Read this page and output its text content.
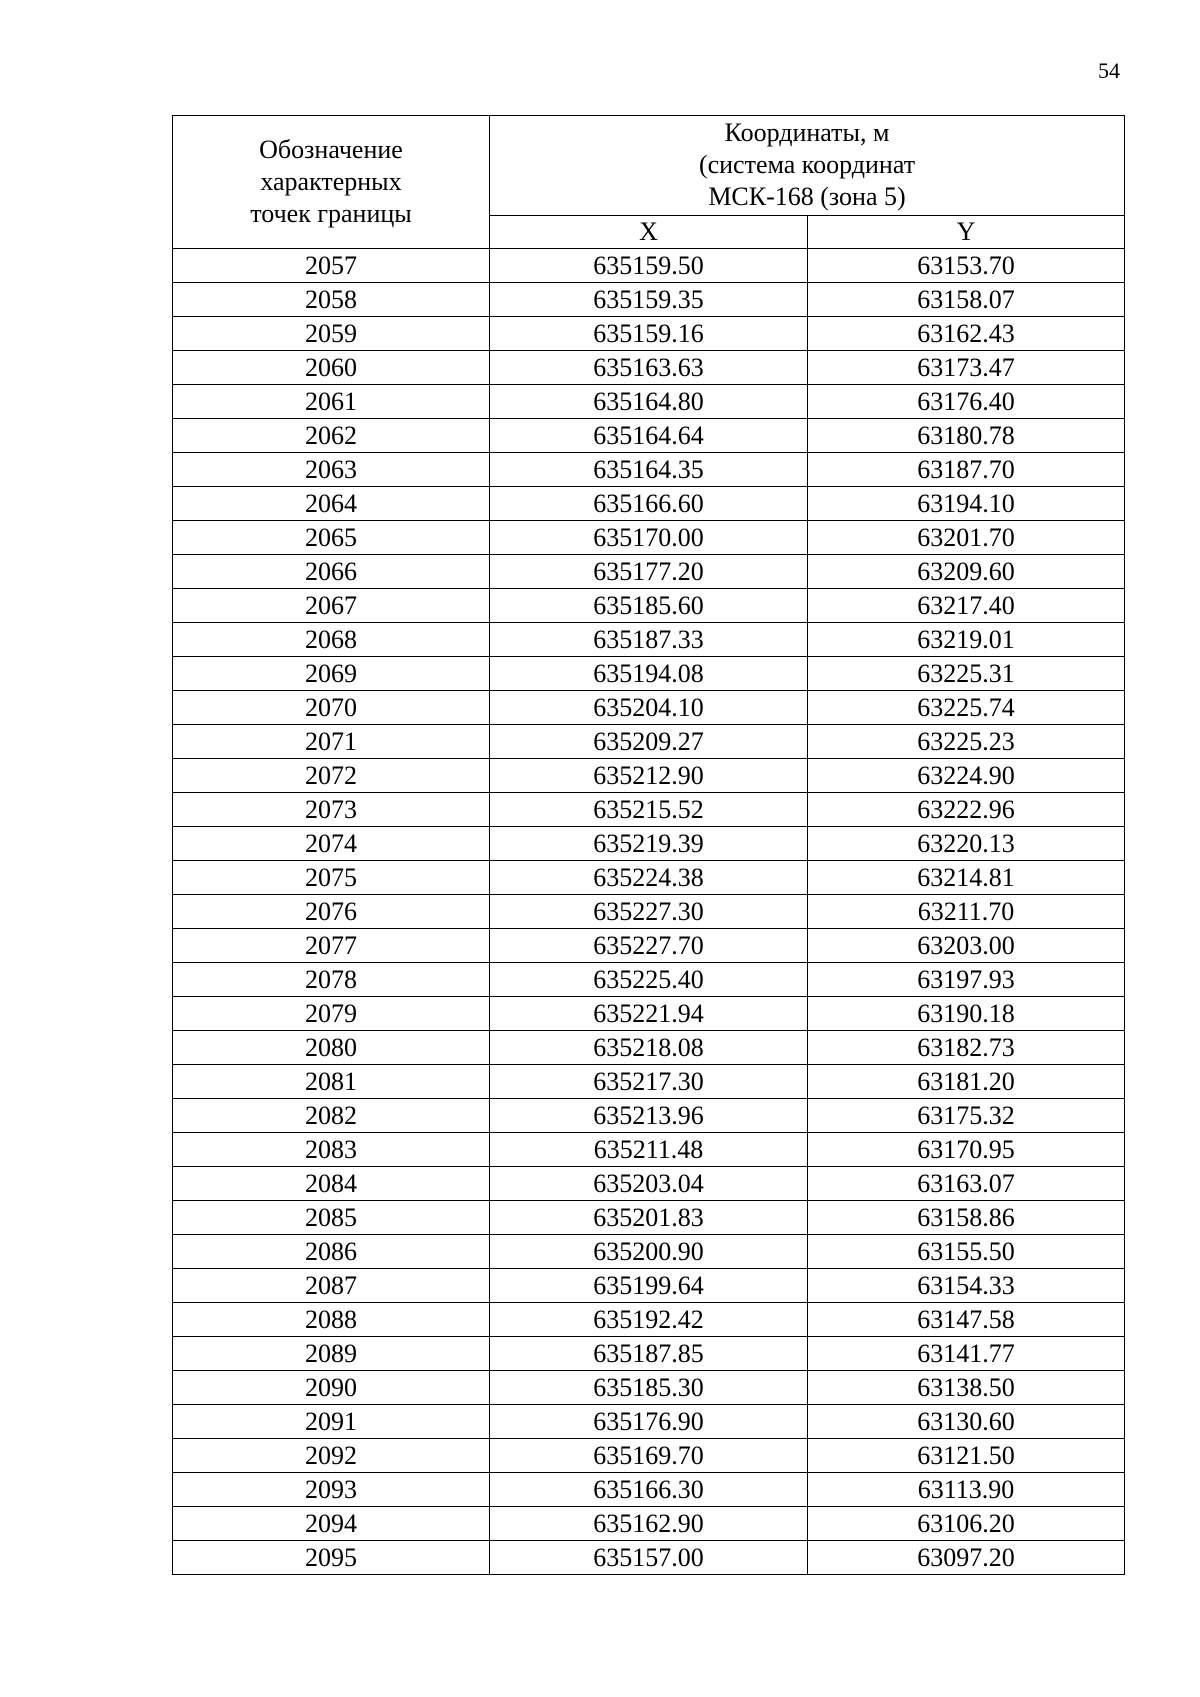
54
Обозначение
характерных
точек границы	Координаты, м
(система координат
МСК-168 (зона 5)	

	X	Y
2057	635159.50	63153.70
2058	635159.35	63158.07
2059	635159.16	63162.43
2060	635163.63	63173.47
2061	635164.80	63176.40
2062	635164.64	63180.78
2063	635164.35	63187.70
2064	635166.60	63194.10
2065	635170.00	63201.70
2066	635177.20	63209.60
2067	635185.60	63217.40
2068	635187.33	63219.01
2069	635194.08	63225.31
2070	635204.10	63225.74
2071	635209.27	63225.23
2072	635212.90	63224.90
2073	635215.52	63222.96
2074	635219.39	63220.13
2075	635224.38	63214.81
2076	635227.30	63211.70
2077	635227.70	63203.00
2078	635225.40	63197.93
2079	635221.94	63190.18
2080	635218.08	63182.73
2081	635217.30	63181.20
2082	635213.96	63175.32
2083	635211.48	63170.95
2084	635203.04	63163.07
2085	635201.83	63158.86
2086	635200.90	63155.50
2087	635199.64	63154.33
2088	635192.42	63147.58
2089	635187.85	63141.77
2090	635185.30	63138.50
2091	635176.90	63130.60
2092	635169.70	63121.50
2093	635166.30	63113.90
2094	635162.90	63106.20
2095	635157.00	63097.20
